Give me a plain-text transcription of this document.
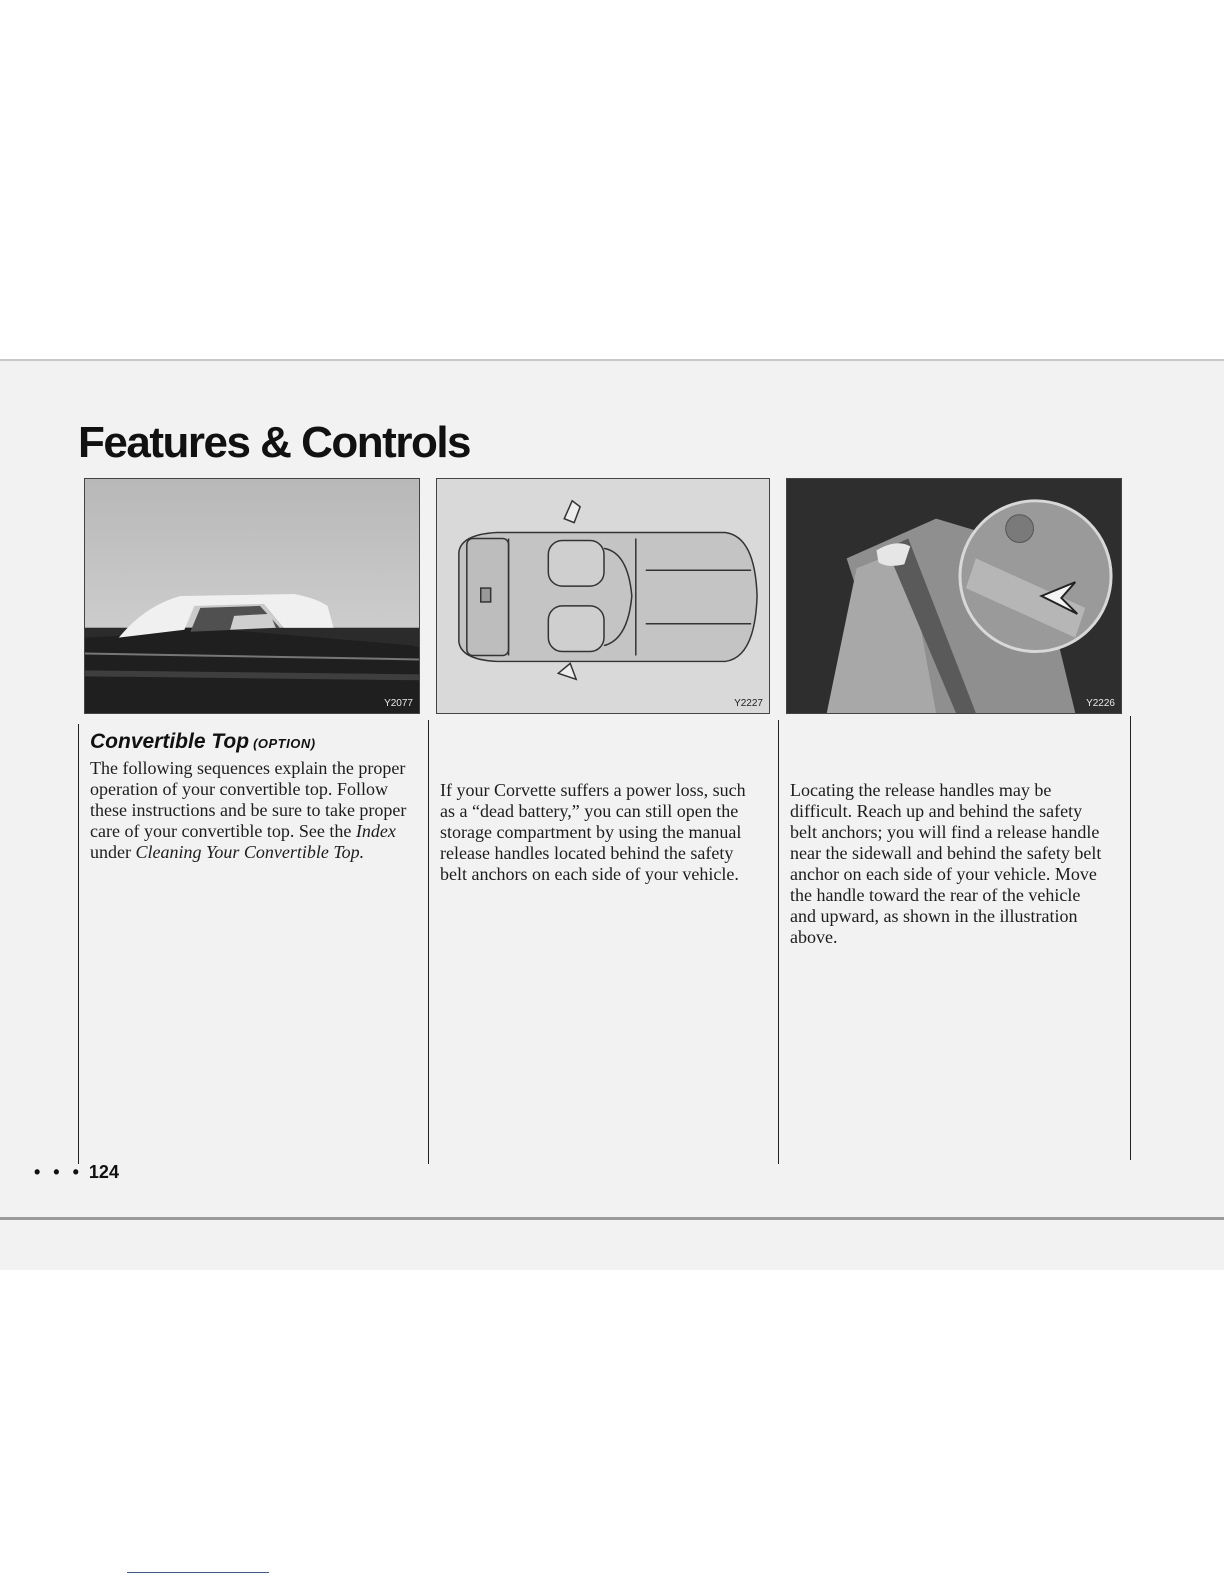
Features & Controls
Y2077	Y2227	Y2226
Convertible Top (OPTION)

The following sequences explain the proper operation of your convertible top. Follow these instructions and be sure to take proper care of your convertible top. See the Index under Cleaning Your Convertible Top.

If your Corvette suffers a power loss, such as a “dead battery,” you can still open the storage compartment by using the manual release handles located behind the safety belt anchors on each side of your vehicle.

Locating the release handles may be difficult. Reach up and behind the safety belt anchors; you will find a release handle near the sidewall and behind the safety belt anchor on each side of your vehicle. Move the handle toward the rear of the vehicle and upward, as shown in the illustration above.

• • • 124
